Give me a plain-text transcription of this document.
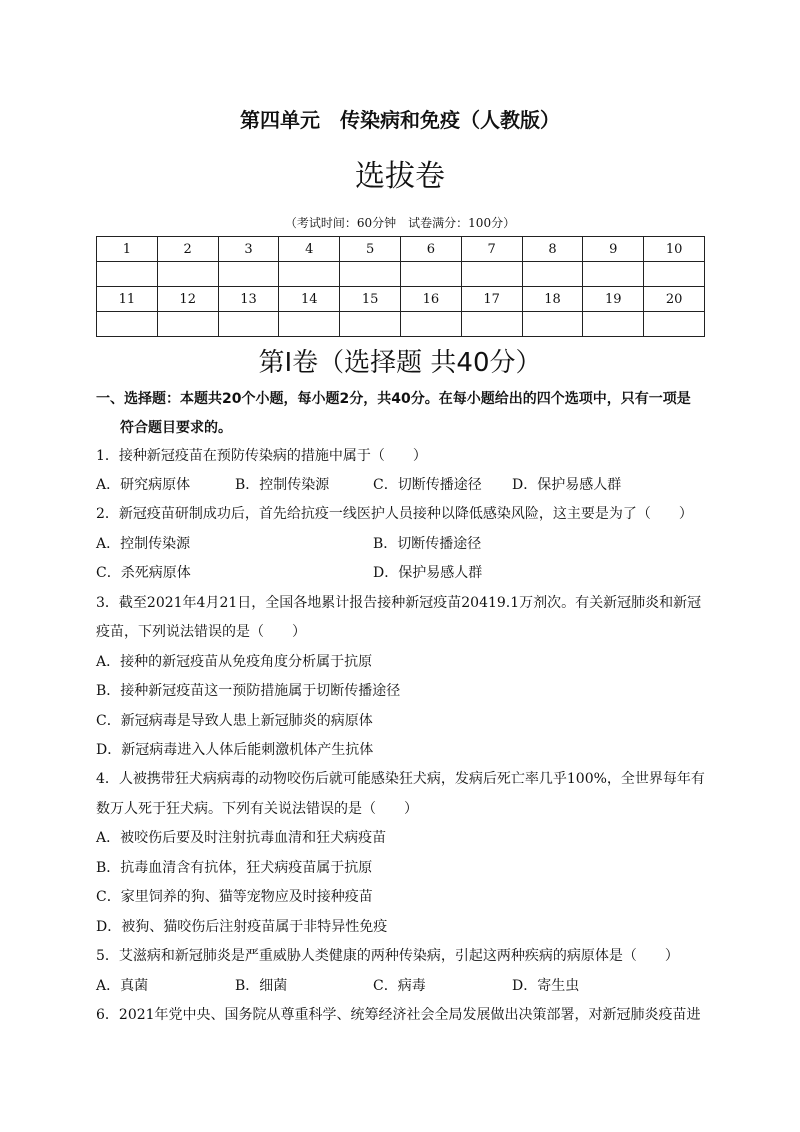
第四单元　传染病和免疫（人教版）
选拔卷
（考试时间：60分钟　试卷满分：100分）
1	2	3	4	5	6	7	8	9	10

11	12	13	14	15	16	17	18	19	20

第Ⅰ卷（选择题 共40分）
一、选择题：本题共20个小题，每小题2分，共40分。在每小题给出的四个选项中，只有一项是
符合题目要求的。
1．接种新冠疫苗在预防传染病的措施中属于（　　）
A．研究病原体	B．控制传染源	C．切断传播途径 D．保护易感人群
2．新冠疫苗研制成功后，首先给抗疫一线医护人员接种以降低感染风险，这主要是为了（　　）
A．控制传染源	B．切断传播途径
C．杀死病原体	D．保护易感人群
3．截至2021年4月21日，全国各地累计报告接种新冠疫苗20419.1万剂次。有关新冠肺炎和新冠
疫苗，下列说法错误的是（　　）
A．接种的新冠疫苗从免疫角度分析属于抗原
B．接种新冠疫苗这一预防措施属于切断传播途径
C．新冠病毒是导致人患上新冠肺炎的病原体
D．新冠病毒进入人体后能刺激机体产生抗体
4．人被携带狂犬病病毒的动物咬伤后就可能感染狂犬病，发病后死亡率几乎100%，全世界每年有
数万人死于狂犬病。下列有关说法错误的是（　　）
A．被咬伤后要及时注射抗毒血清和狂犬病疫苗
B．抗毒血清含有抗体，狂犬病疫苗属于抗原
C．家里饲养的狗、猫等宠物应及时接种疫苗
D．被狗、猫咬伤后注射疫苗属于非特异性免疫
5．艾滋病和新冠肺炎是严重威胁人类健康的两种传染病，引起这两种疾病的病原体是（　　）
A．真菌	B．细菌	C．病毒	D．寄生虫
6．2021年党中央、国务院从尊重科学、统筹经济社会全局发展做出决策部署，对新冠肺炎疫苗进
